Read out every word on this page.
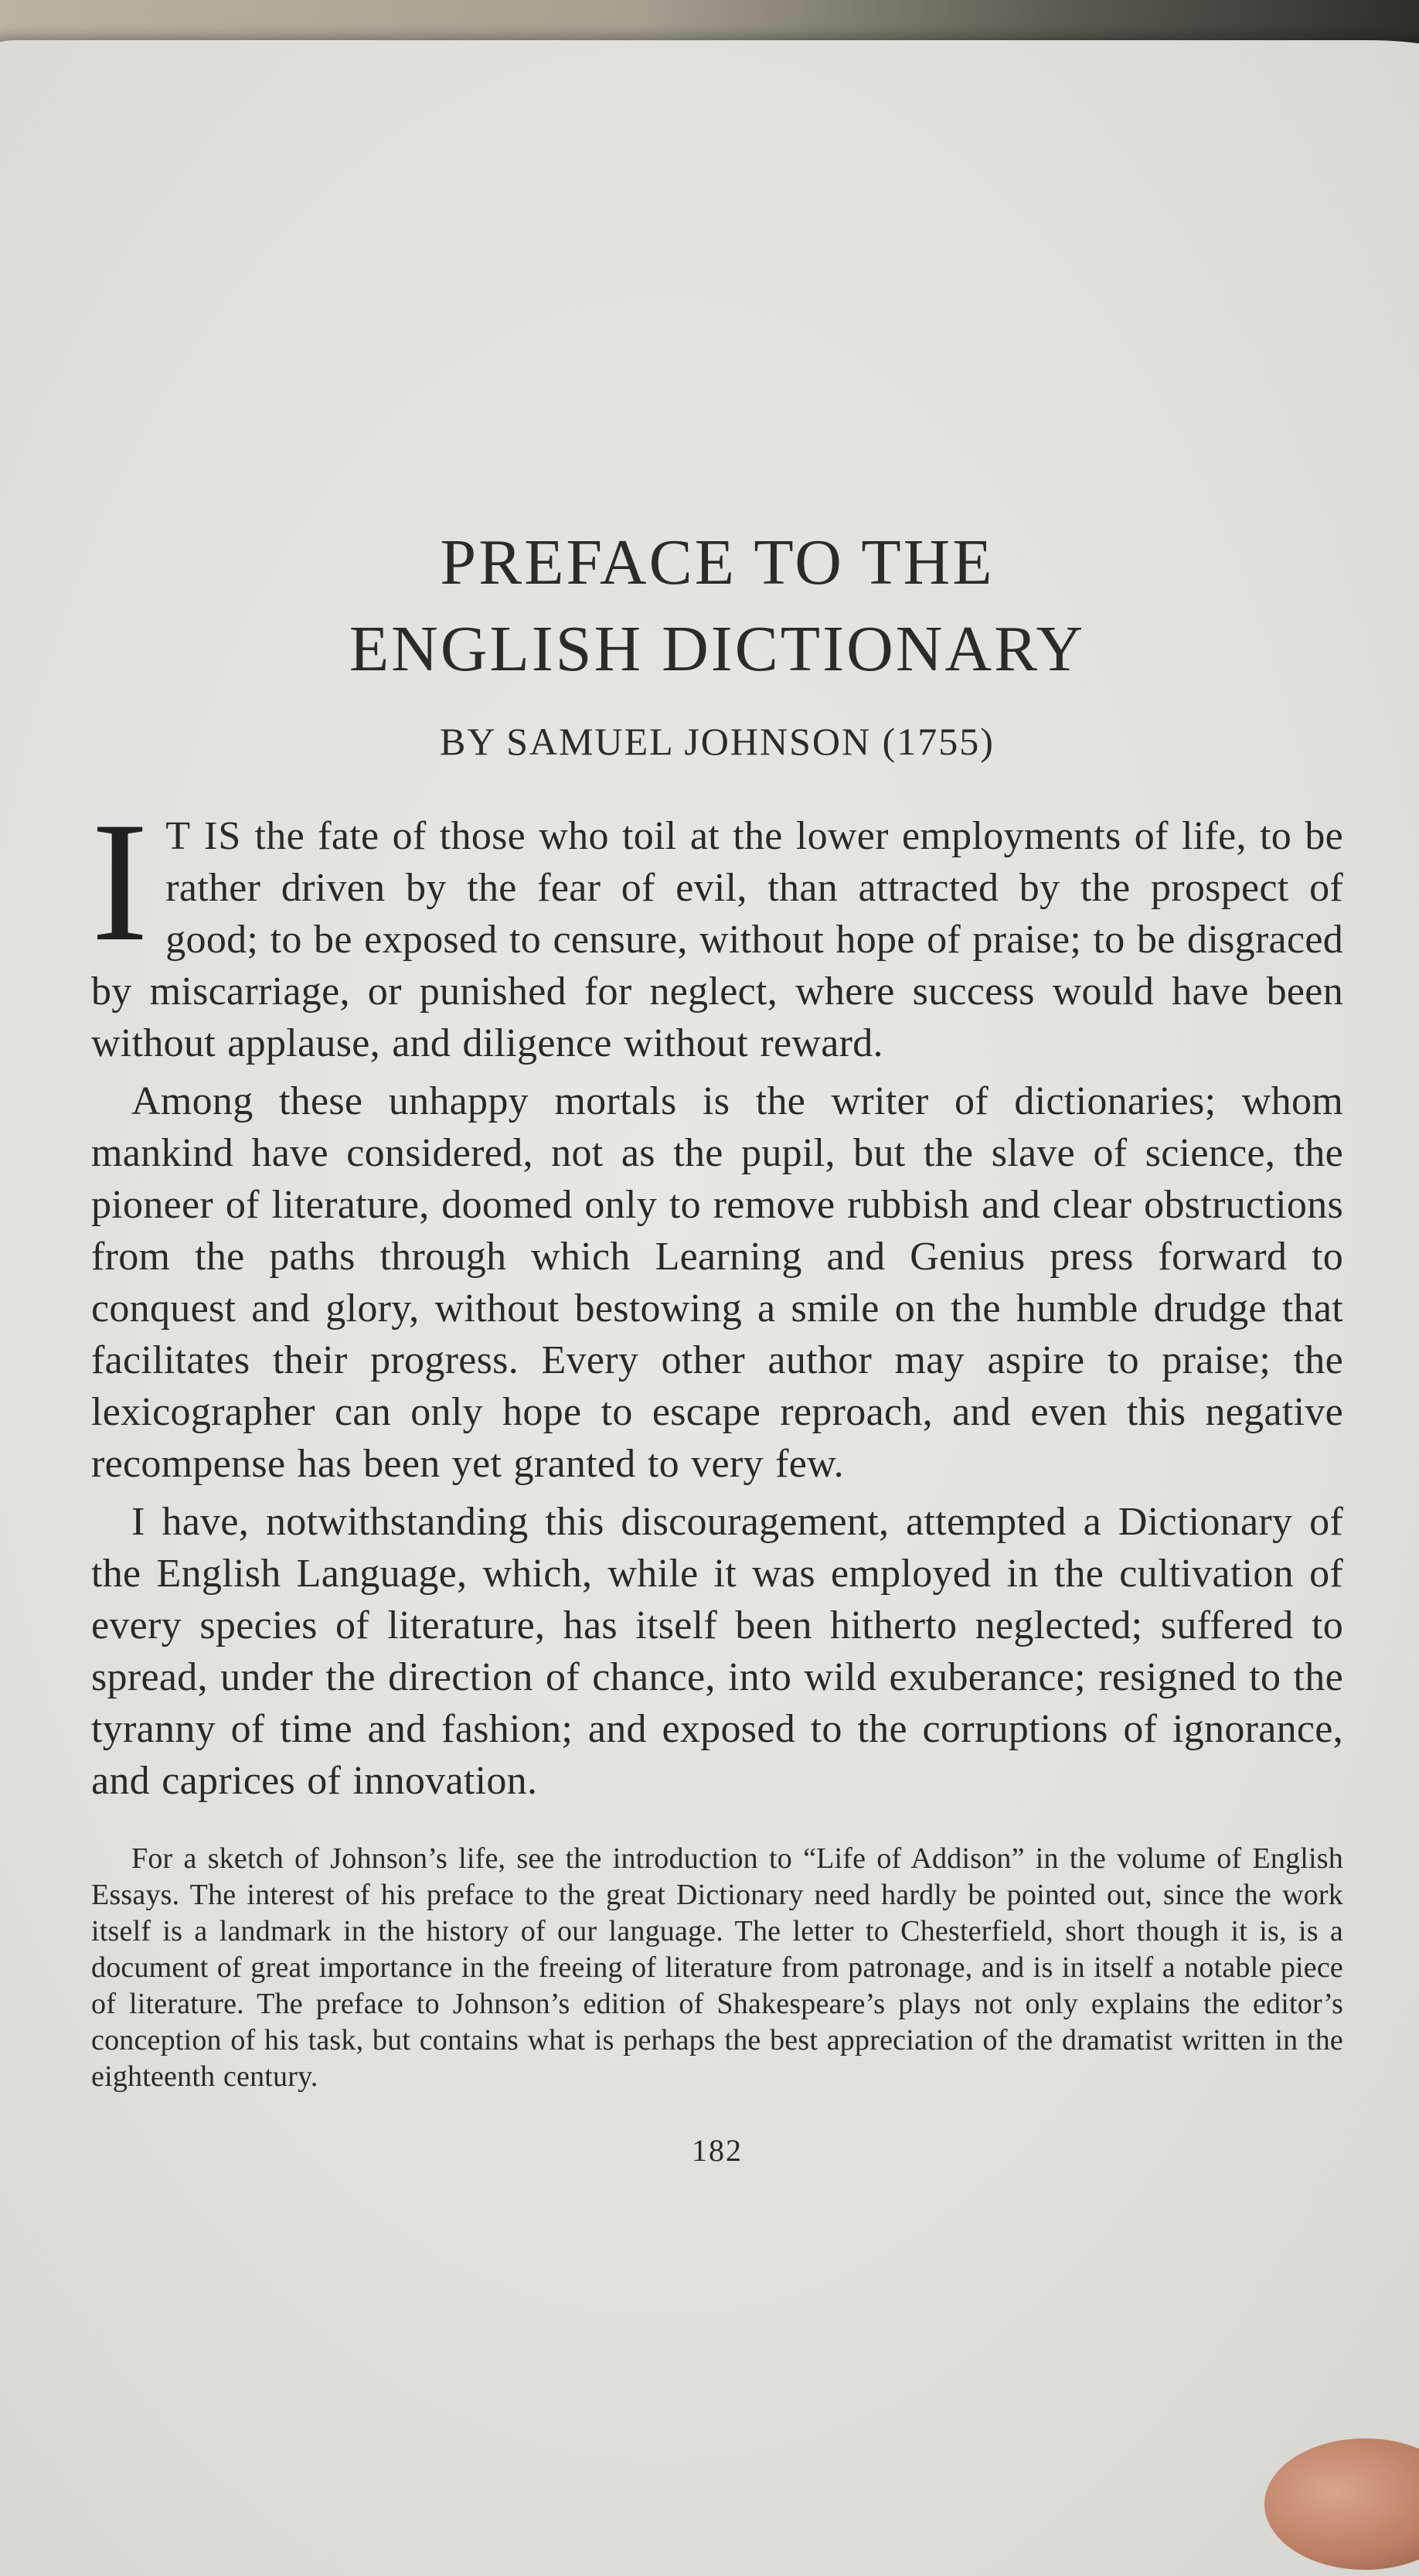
PREFACE TO THE
ENGLISH DICTIONARY
BY SAMUEL JOHNSON (1755)

I T IS the fate of those who toil at the lower employments of life, to be rather driven by the fear of evil, than attracted by the prospect of good; to be exposed to censure, without hope of praise; to be disgraced by miscarriage, or punished for neglect, where success would have been without applause, and diligence without reward.

Among these unhappy mortals is the writer of dictionaries; whom mankind have considered, not as the pupil, but the slave of science, the pioneer of literature, doomed only to remove rubbish and clear obstructions from the paths through which Learning and Genius press forward to conquest and glory, without bestowing a smile on the humble drudge that facilitates their progress. Every other author may aspire to praise; the lexicographer can only hope to escape reproach, and even this negative recompense has been yet granted to very few.

I have, notwithstanding this discouragement, attempted a Dictionary of the English Language, which, while it was employed in the cultivation of every species of literature, has itself been hitherto neglected; suffered to spread, under the direction of chance, into wild exuberance; resigned to the tyranny of time and fashion; and exposed to the corruptions of ignorance, and caprices of innovation.

For a sketch of Johnson’s life, see the introduction to “Life of Addison” in the volume of English Essays. The interest of his preface to the great Dictionary need hardly be pointed out, since the work itself is a landmark in the history of our language. The letter to Chesterfield, short though it is, is a document of great importance in the freeing of literature from patronage, and is in itself a notable piece of literature. The preface to Johnson’s edition of Shakespeare’s plays not only explains the editor’s conception of his task, but contains what is perhaps the best appreciation of the dramatist written in the eighteenth century.

182
